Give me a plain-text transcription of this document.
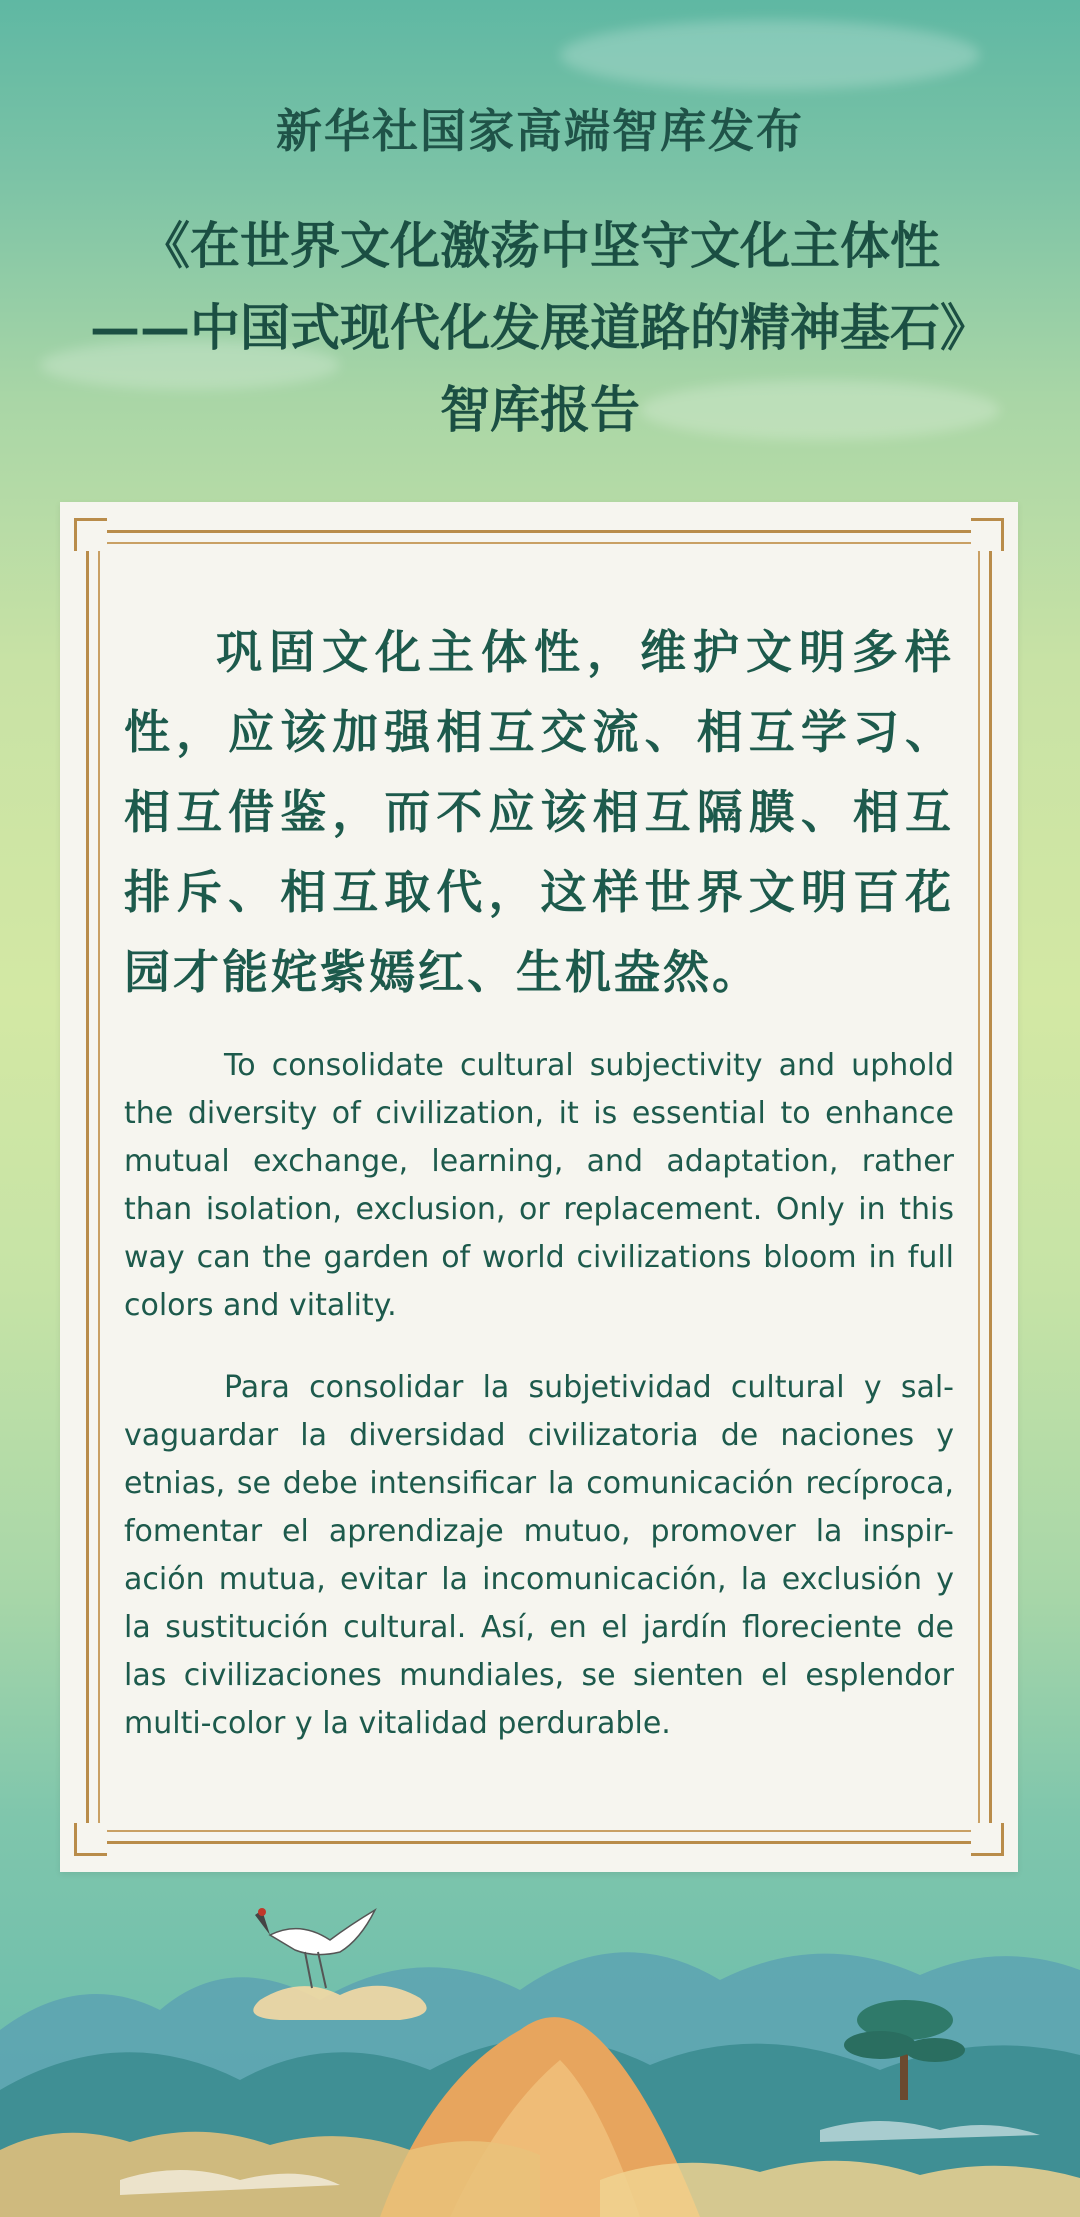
新华社国家高端智库发布
《在世界文化激荡中坚守文化主体性
——中国式现代化发展道路的精神基石》
智库报告
巩固文化主体性，维护文明多样性，应该加强相互交流、相互学习、相互借鉴，而不应该相互隔膜、相互排斥、相互取代，这样世界文明百花园才能姹紫嫣红、生机盎然。
To consolidate cultural subjectivity and uphold the diversity of civilization, it is essential to enhance mutual exchange, learning, and adaptation, rather than isolation, exclusion, or replacement. Only in this way can the garden of world civilizations bloom in full colors and vitality.
Para consolidar la subjetividad cultural y sal-vaguardar la diversidad civilizatoria de naciones y etnias, se debe intensificar la comunicación recíproca, fomentar el aprendizaje mutuo, promover la inspir-ación mutua, evitar la incomunicación, la exclusión y la sustitución cultural. Así, en el jardín floreciente de las civilizaciones mundiales, se sienten el esplendor multi-color y la vitalidad perdurable.
